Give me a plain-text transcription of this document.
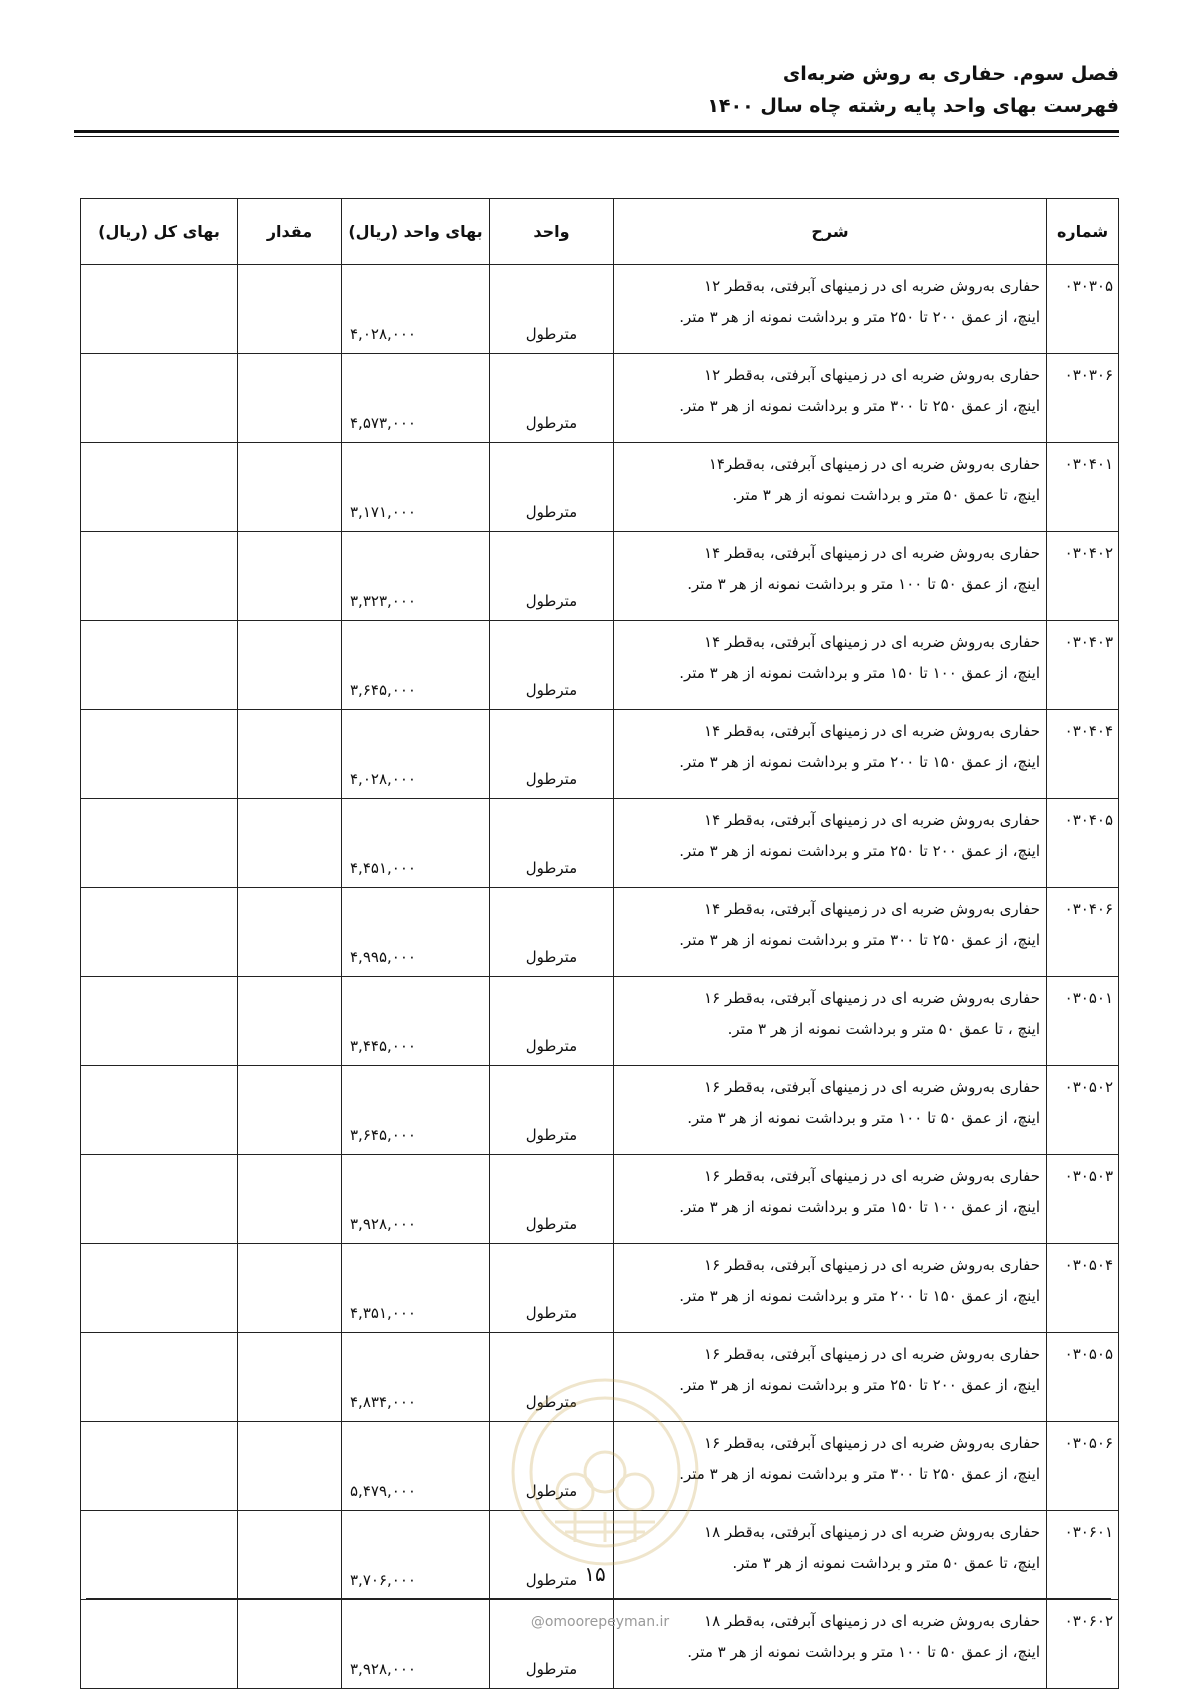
فصل سوم. حفاری به روش ضربه‌ای
فهرست بهای واحد پایه رشته چاه سال ۱۴۰۰
شماره	شرح	واحد	بهای واحد (ریال)	مقدار	بهای کل (ریال)
۰۳۰۳۰۵	حفاری به‌روش ضربه ای در زمینهای آبرفتی، به‌قطر ۱۲
اینچ، از عمق ۲۰۰ تا ۲۵۰ متر و برداشت نمونه از هر ۳ متر.	مترطول	۴,۰۲۸,۰۰۰		
۰۳۰۳۰۶	حفاری به‌روش ضربه ای در زمینهای آبرفتی، به‌قطر ۱۲
اینچ، از عمق ۲۵۰ تا ۳۰۰ متر و برداشت نمونه از هر ۳ متر.	مترطول	۴,۵۷۳,۰۰۰		
۰۳۰۴۰۱	حفاری به‌روش ضربه ای در زمینهای آبرفتی، به‌قطر۱۴
اینچ، تا عمق ۵۰ متر و برداشت نمونه از هر ۳ متر.	مترطول	۳,۱۷۱,۰۰۰		
۰۳۰۴۰۲	حفاری به‌روش ضربه ای در زمینهای آبرفتی، به‌قطر ۱۴
اینچ، از عمق ۵۰ تا ۱۰۰ متر و برداشت نمونه از هر ۳ متر.	مترطول	۳,۳۲۳,۰۰۰		
۰۳۰۴۰۳	حفاری به‌روش ضربه ای در زمینهای آبرفتی، به‌قطر ۱۴
اینچ، از عمق ۱۰۰ تا ۱۵۰ متر و برداشت نمونه از هر ۳ متر.	مترطول	۳,۶۴۵,۰۰۰		
۰۳۰۴۰۴	حفاری به‌روش ضربه ای در زمینهای آبرفتی، به‌قطر ۱۴
اینچ، از عمق ۱۵۰ تا ۲۰۰ متر و برداشت نمونه از هر ۳ متر.	مترطول	۴,۰۲۸,۰۰۰		
۰۳۰۴۰۵	حفاری به‌روش ضربه ای در زمینهای آبرفتی، به‌قطر ۱۴
اینچ، از عمق ۲۰۰ تا ۲۵۰ متر و برداشت نمونه از هر ۳ متر.	مترطول	۴,۴۵۱,۰۰۰		
۰۳۰۴۰۶	حفاری به‌روش ضربه ای در زمینهای آبرفتی، به‌قطر ۱۴
اینچ، از عمق ۲۵۰ تا ۳۰۰ متر و برداشت نمونه از هر ۳ متر.	مترطول	۴,۹۹۵,۰۰۰		
۰۳۰۵۰۱	حفاری به‌روش ضربه ای در زمینهای آبرفتی، به‌قطر ۱۶
اینچ ، تا عمق ۵۰ متر و برداشت نمونه از هر ۳ متر.	مترطول	۳,۴۴۵,۰۰۰		
۰۳۰۵۰۲	حفاری به‌روش ضربه ای در زمینهای آبرفتی، به‌قطر ۱۶
اینچ، از عمق ۵۰ تا ۱۰۰ متر و برداشت نمونه از هر ۳ متر.	مترطول	۳,۶۴۵,۰۰۰		
۰۳۰۵۰۳	حفاری به‌روش ضربه ای در زمینهای آبرفتی، به‌قطر ۱۶
اینچ، از عمق ۱۰۰ تا ۱۵۰ متر و برداشت نمونه از هر ۳ متر.	مترطول	۳,۹۲۸,۰۰۰		
۰۳۰۵۰۴	حفاری به‌روش ضربه ای در زمینهای آبرفتی، به‌قطر ۱۶
اینچ، از عمق ۱۵۰ تا ۲۰۰ متر و برداشت نمونه از هر ۳ متر.	مترطول	۴,۳۵۱,۰۰۰		
۰۳۰۵۰۵	حفاری به‌روش ضربه ای در زمینهای آبرفتی، به‌قطر ۱۶
اینچ، از عمق ۲۰۰ تا ۲۵۰ متر و برداشت نمونه از هر ۳ متر.	مترطول	۴,۸۳۴,۰۰۰		
۰۳۰۵۰۶	حفاری به‌روش ضربه ای در زمینهای آبرفتی، به‌قطر ۱۶
اینچ، از عمق ۲۵۰ تا ۳۰۰ متر و برداشت نمونه از هر ۳ متر.	مترطول	۵,۴۷۹,۰۰۰		
۰۳۰۶۰۱	حفاری به‌روش ضربه ای در زمینهای آبرفتی، به‌قطر ۱۸
اینچ، تا عمق ۵۰ متر و برداشت نمونه از هر ۳ متر.	مترطول	۳,۷۰۶,۰۰۰		
۰۳۰۶۰۲	حفاری به‌روش ضربه ای در زمینهای آبرفتی، به‌قطر ۱۸
اینچ، از عمق ۵۰ تا ۱۰۰ متر و برداشت نمونه از هر ۳ متر.	مترطول	۳,۹۲۸,۰۰۰		
۱۵
@omoorepeyman.ir
